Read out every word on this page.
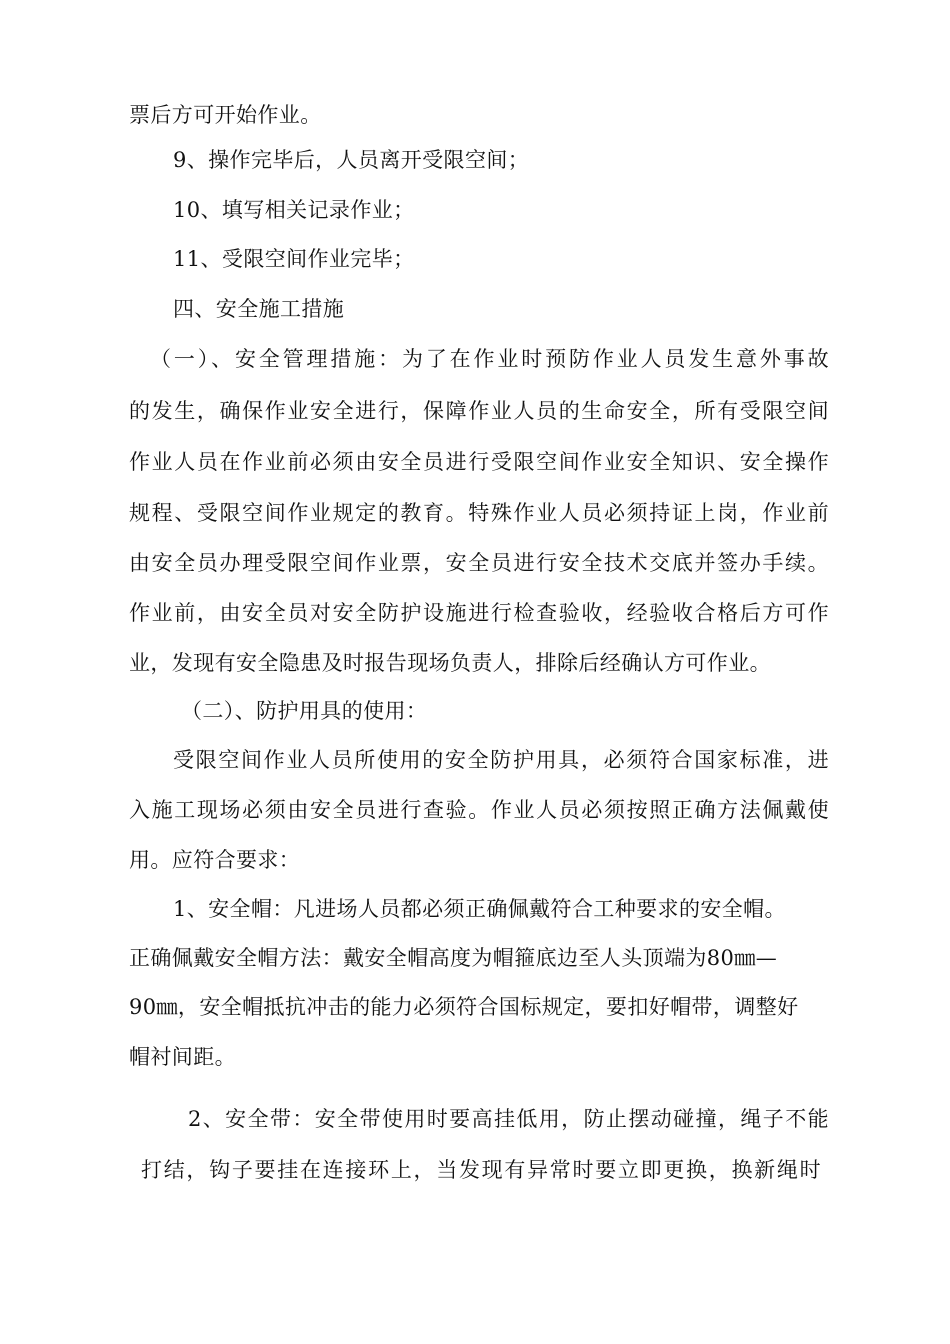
票后方可开始作业。
9、操作完毕后，人员离开受限空间；
10、填写相关记录作业；
11、受限空间作业完毕；
四、安全施工措施
（一）、安全管理措施：为了在作业时预防作业人员发生意外事故
的发生，确保作业安全进行，保障作业人员的生命安全，所有受限空间
作业人员在作业前必须由安全员进行受限空间作业安全知识、安全操作
规程、受限空间作业规定的教育。特殊作业人员必须持证上岗，作业前
由安全员办理受限空间作业票，安全员进行安全技术交底并签办手续。
作业前，由安全员对安全防护设施进行检查验收，经验收合格后方可作
业，发现有安全隐患及时报告现场负责人，排除后经确认方可作业。
（二）、防护用具的使用：
受限空间作业人员所使用的安全防护用具，必须符合国家标准，进
入施工现场必须由安全员进行查验。作业人员必须按照正确方法佩戴使
用。应符合要求：
1、安全帽：凡进场人员都必须正确佩戴符合工种要求的安全帽。
正确佩戴安全帽方法：戴安全帽高度为帽箍底边至人头顶端为80㎜—
90㎜，安全帽抵抗冲击的能力必须符合国标规定，要扣好帽带，调整好
帽衬间距。
2、安全带：安全带使用时要高挂低用，防止摆动碰撞，绳子不能
打结，钩子要挂在连接环上，当发现有异常时要立即更换，换新绳时
